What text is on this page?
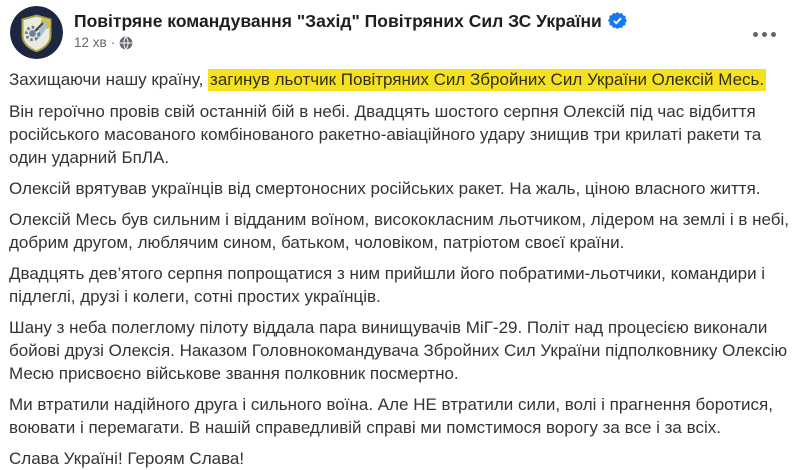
Повітряне командування "Захід" Повітряних Сил ЗС України
12 хв ·

Захищаючи нашу країну, загинув льотчик Повітряних Сил Збройних Сил України Олексій Месь.

Він героїчно провів свій останній бій в небі. Двадцять шостого серпня Олексій під час відбиття російського масованого комбінованого ракетно-авіаційного удару знищив три крилаті ракети та один ударний БпЛА.

Олексій врятував українців від смертоносних російських ракет. На жаль, ціною власного життя.

Олексій Месь був сильним і відданим воїном, висококласним льотчиком, лідером на землі і в небі, добрим другом, люблячим сином, батьком, чоловіком, патріотом своєї країни.

Двадцять дев’ятого серпня попрощатися з ним прийшли його побратими-льотчики, командири і підлеглі, друзі і колеги, сотні простих українців.

Шану з неба полеглому пілоту віддала пара винищувачів МіГ-29. Політ над процесією виконали бойові друзі Олексія. Наказом Головнокомандувача Збройних Сил України підполковнику Олексію Месю присвоєно військове звання полковник посмертно.

Ми втратили надійного друга і сильного воїна. Але НЕ втратили сили, волі і прагнення боротися, воювати і перемагати. В нашій справедливій справі ми помстимося ворогу за все і за всіх.

Слава Україні! Героям Слава!
